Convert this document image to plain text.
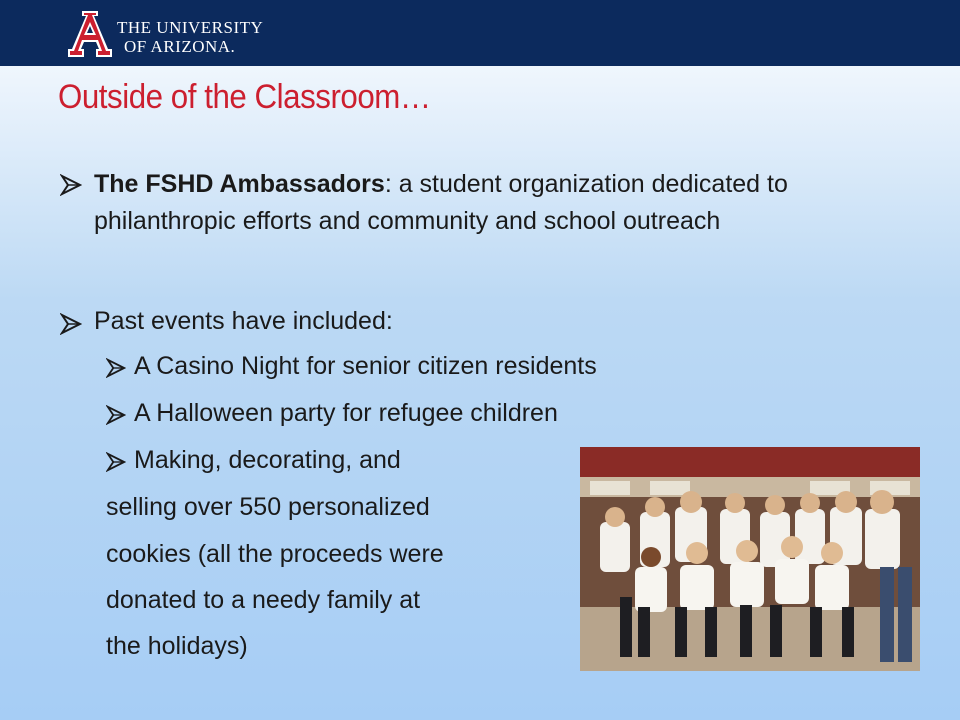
THE UNIVERSITY
OF ARIZONA.
Outside of the Classroom…
The FSHD Ambassadors: a student organization dedicated to philanthropic efforts and community and school outreach
Past events have included:
A Casino Night for senior citizen residents
A Halloween party for refugee children
Making, decorating, and
selling over 550 personalized
cookies (all the proceeds were
donated to a needy family at
the holidays)
